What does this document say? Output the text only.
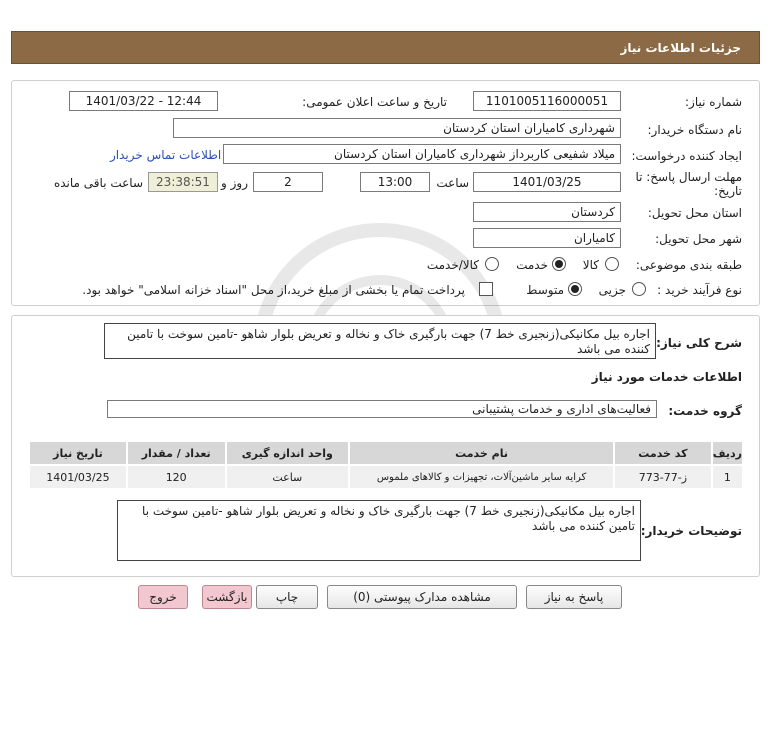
جزئیات اطلاعات نیاز
شماره نیاز:
1101005116000051
تاریخ و ساعت اعلان عمومی:
1401/03/22 - 12:44
نام دستگاه خریدار:
شهرداری کامیاران استان کردستان
ایجاد کننده درخواست:
میلاد شفیعی کاربرداز شهرداری کامیاران استان کردستان
اطلاعات تماس خریدار
مهلت ارسال پاسخ: تا
تاریخ:
1401/03/25
ساعت
13:00
2
روز و
23:38:51
ساعت باقی مانده
استان محل تحویل:
کردستان
شهر محل تحویل:
کامیاران
طبقه بندی موضوعی:
کالا
خدمت
کالا/خدمت
نوع فرآیند خرید :
جزیی
متوسط
پرداخت تمام یا بخشی از مبلغ خرید،از محل "اسناد خزانه اسلامی" خواهد بود.
شرح کلی نیاز:
اجاره بیل مکانیکی(زنجیری خط 7) جهت بارگیری خاک و نخاله و تعریض بلوار شاهو -تامین سوخت با تامین کننده می باشد
اطلاعات خدمات مورد نیاز
گروه خدمت:
فعالیت‌های اداری و خدمات پشتیبانی
ردیف	کد خدمت	نام خدمت	واحد اندازه گیری	تعداد / مقدار	تاریخ نیاز
1	ز-77-773	کرایه سایر ماشین‌آلات، تجهیزات و کالاهای ملموس	ساعت	120	1401/03/25
توضیحات خریدار:
اجاره بیل مکانیکی(زنجیری خط 7) جهت بارگیری خاک و نخاله و تعریض بلوار شاهو -تامین سوخت با تامین کننده می باشد
پاسخ به نیاز
مشاهده مدارک پیوستی (0)
چاپ
بازگشت
خروج
